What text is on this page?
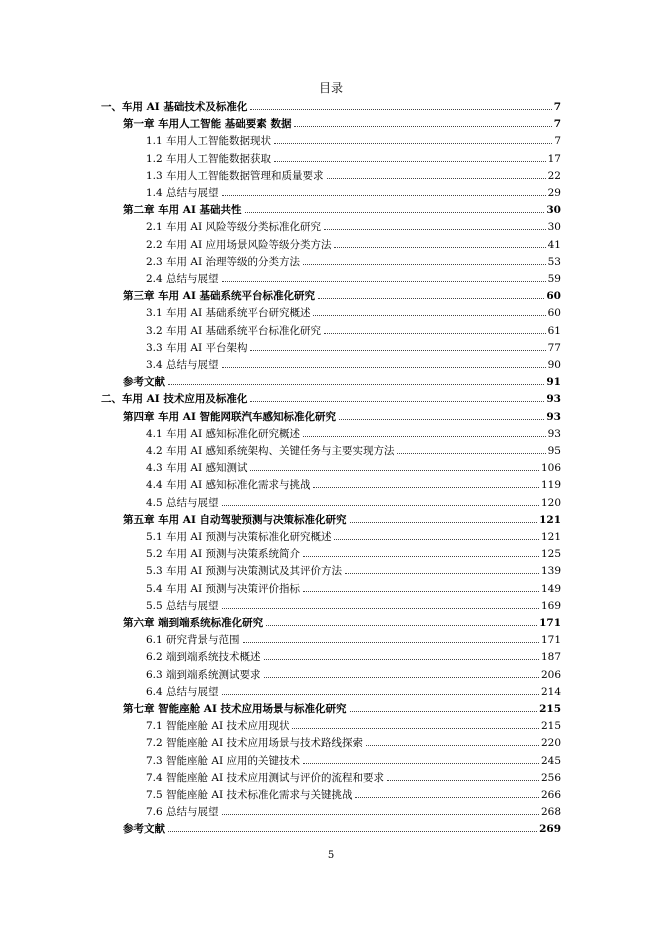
目录
一、车用 AI 基础技术及标准化	7
第一章 车用人工智能 基础要素 数据	7
1.1 车用人工智能数据现状	7
1.2 车用人工智能数据获取	17
1.3 车用人工智能数据管理和质量要求	22
1.4 总结与展望	29
第二章 车用 AI 基础共性	30
2.1 车用 AI 风险等级分类标准化研究	30
2.2 车用 AI 应用场景风险等级分类方法	41
2.3 车用 AI 治理等级的分类方法	53
2.4 总结与展望	59
第三章 车用 AI 基础系统平台标准化研究	60
3.1 车用 AI 基础系统平台研究概述	60
3.2 车用 AI 基础系统平台标准化研究	61
3.3 车用 AI 平台架构	77
3.4 总结与展望	90
参考文献	91
二、车用 AI 技术应用及标准化	93
第四章 车用 AI 智能网联汽车感知标准化研究	93
4.1 车用 AI 感知标准化研究概述	93
4.2 车用 AI 感知系统架构、关键任务与主要实现方法	95
4.3 车用 AI 感知测试	106
4.4 车用 AI 感知标准化需求与挑战	119
4.5 总结与展望	120
第五章 车用 AI 自动驾驶预测与决策标准化研究	121
5.1 车用 AI 预测与决策标准化研究概述	121
5.2 车用 AI 预测与决策系统简介	125
5.3 车用 AI 预测与决策测试及其评价方法	139
5.4 车用 AI 预测与决策评价指标	149
5.5 总结与展望	169
第六章 端到端系统标准化研究	171
6.1 研究背景与范围	171
6.2 端到端系统技术概述	187
6.3 端到端系统测试要求	206
6.4 总结与展望	214
第七章 智能座舱 AI 技术应用场景与标准化研究	215
7.1 智能座舱 AI 技术应用现状	215
7.2 智能座舱 AI 技术应用场景与技术路线探索	220
7.3 智能座舱 AI 应用的关键技术	245
7.4 智能座舱 AI 技术应用测试与评价的流程和要求	256
7.5 智能座舱 AI 技术标准化需求与关键挑战	266
7.6 总结与展望	268
参考文献	269
5
